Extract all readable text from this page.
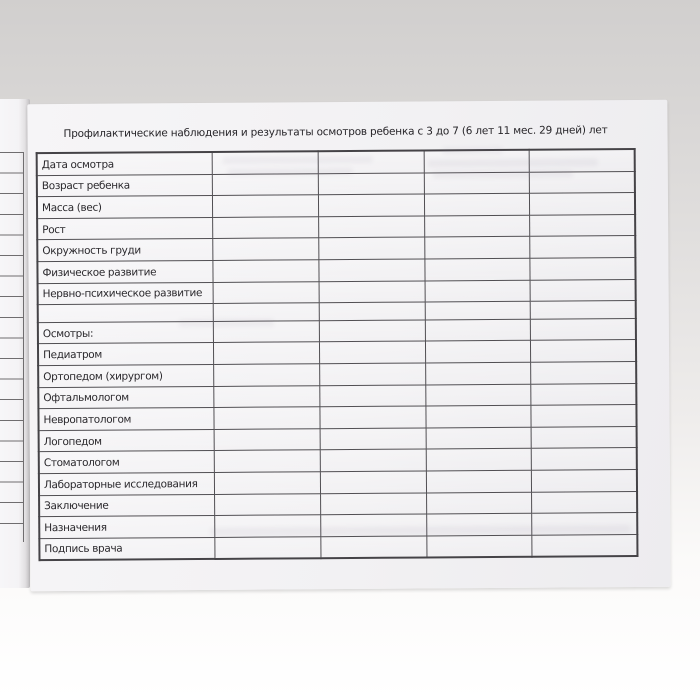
Профилактические наблюдения и результаты осмотров ребенка с 3 до 7 (6 лет 11 мес. 29 дней) лет
Дата осмотра				
Возраст ребенка				
Масса (вес)				
Рост				
Окружность груди				
Физическое развитие				
Нервно-психическое развитие				

Осмотры:				
Педиатром				
Ортопедом (хирургом)				
Офтальмологом				
Невропатологом				
Логопедом				
Стоматологом				
Лабораторные исследования				
Заключение				
Назначения				
Подпись врача				
